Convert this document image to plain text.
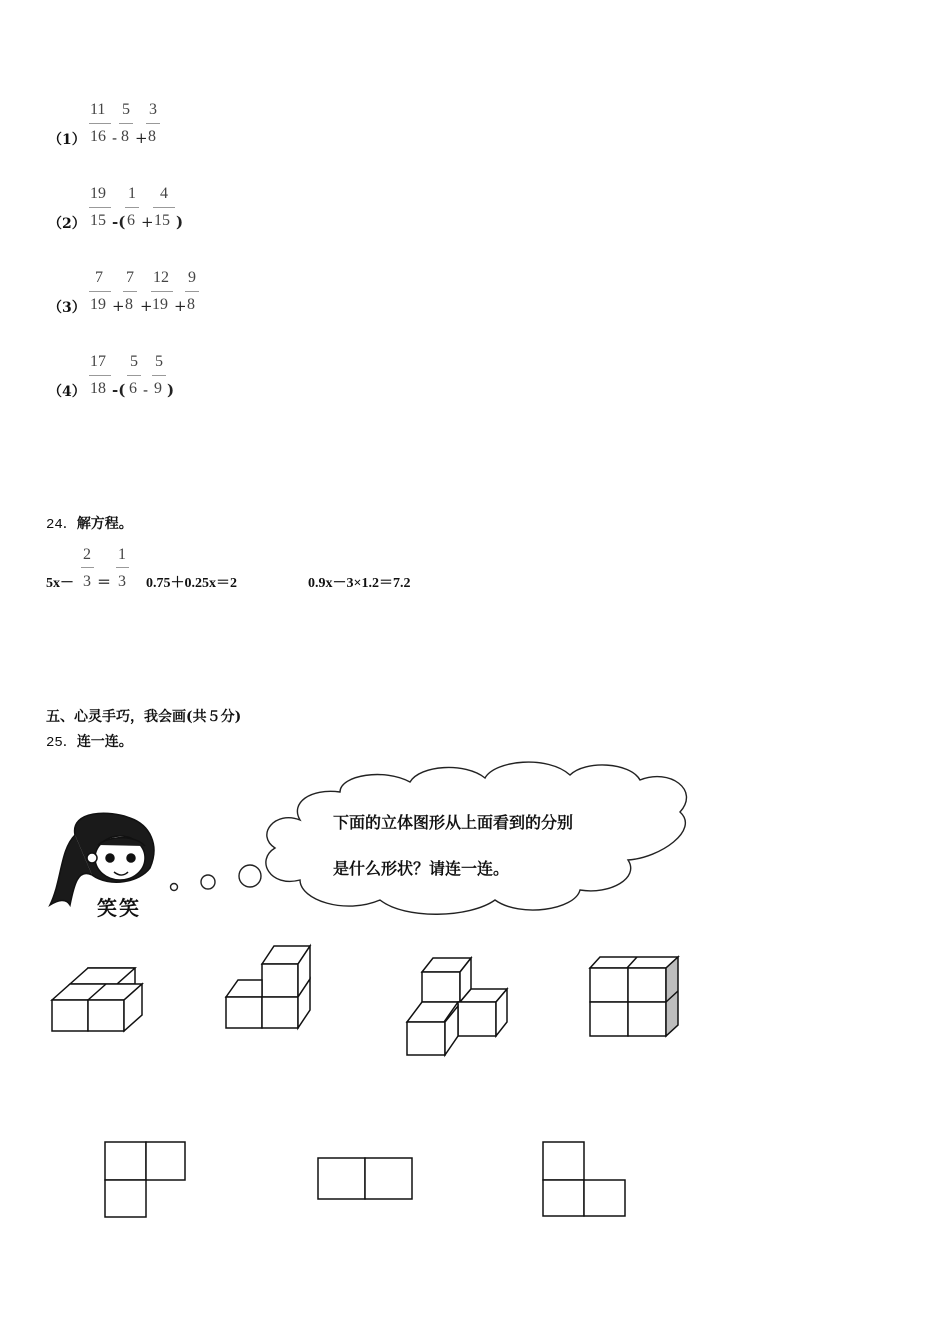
（1）
11
16 -
5
8 +
3
8
（2）
19
15 -(
1
6 +
4
15 )
（3）
7
19 +
7
8 +
12
19 +
9
8
（4）
17
18 -(
5
6 -
5
9 )
24．解方程。
5x－
2
3 ＝
1
3 0.75＋0.25x＝2	0.9x－3×1.2＝7.2
五、心灵手巧，我会画(共５分)
25．连一连。
下面的立体图形从上面看到的分别
是什么形状？请连一连。
笑笑
